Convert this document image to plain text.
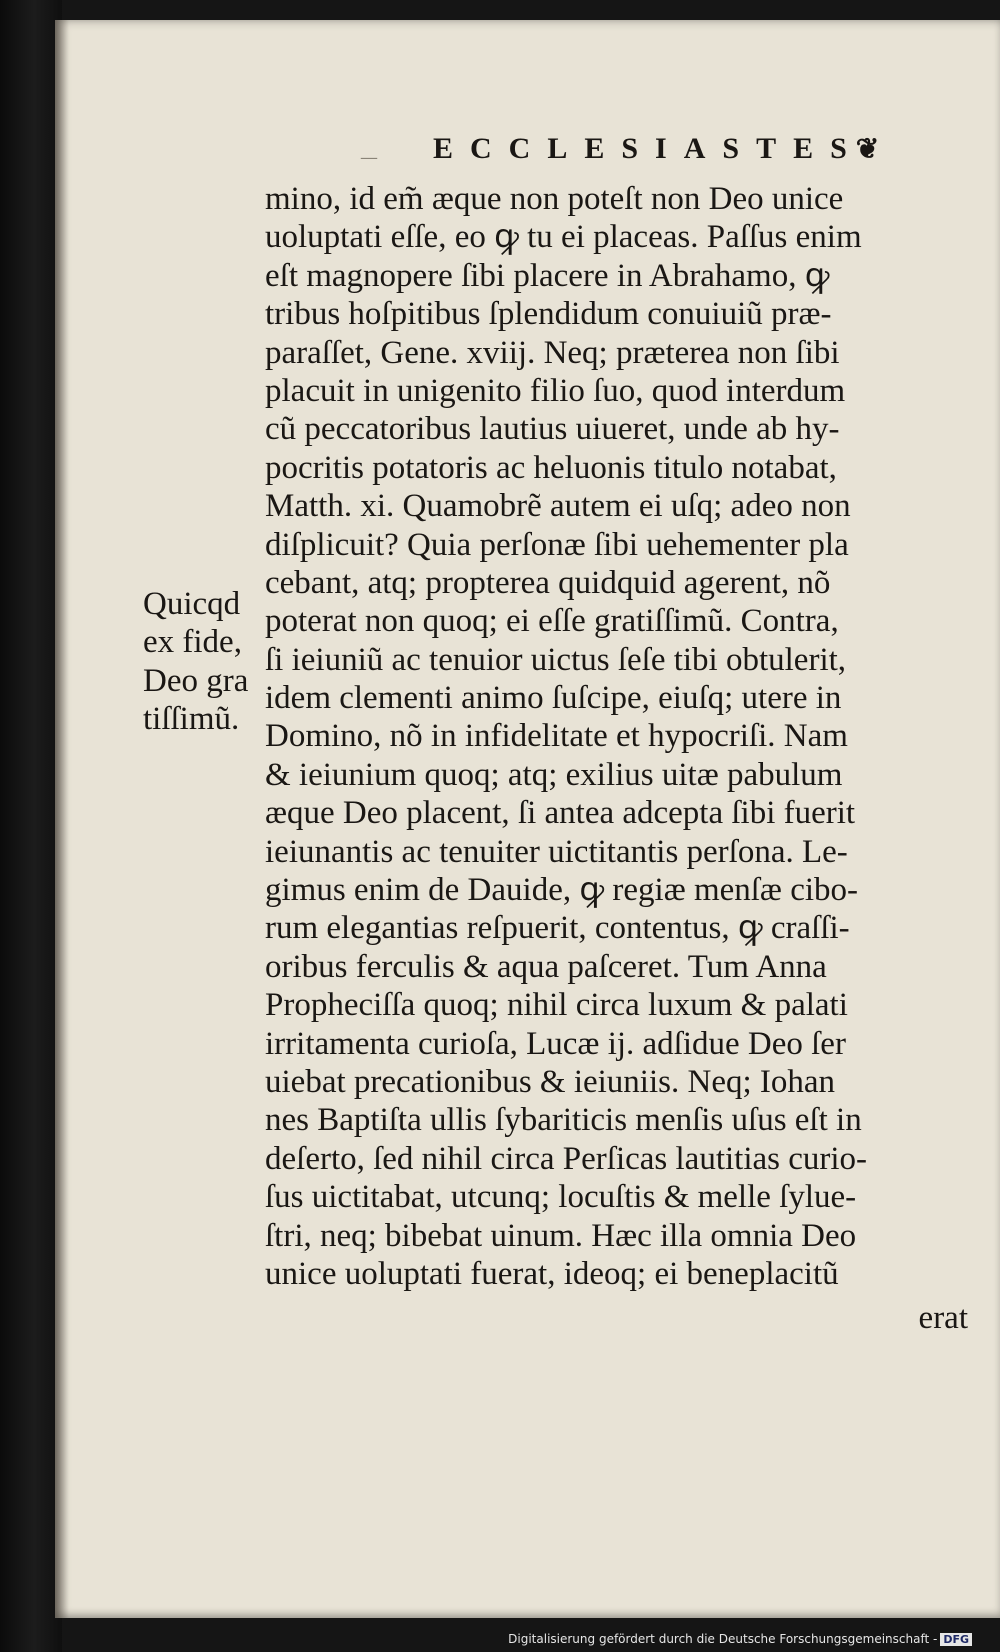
— ECCLESIASTES❦
mino, id em̃ æque non poteſt non Deo unice
uoluptati eſſe, eo ꝙ tu ei placeas. Paſſus enim
eſt magnopere ſibi placere in Abrahamo, ꝙ
tribus hoſpitibus ſplendidum conuiuiũ præ-
paraſſet, Gene. xviij. Neq; præterea non ſibi
placuit in unigenito filio ſuo, quod interdum
cũ peccatoribus lautius uiueret, unde ab hy-
pocritis potatoris ac heluonis titulo notabat,
Matth. xi. Quamobrẽ autem ei uſq; adeo non
diſplicuit? Quia perſonæ ſibi uehementer pla
cebant, atq; propterea quidquid agerent, nõ
poterat non quoq; ei eſſe gratiſſimũ. Contra,
ſi ieiuniũ ac tenuior uictus ſeſe tibi obtulerit,
idem clementi animo ſuſcipe, eiuſq; utere in
Domino, nõ in infidelitate et hypocriſi. Nam
& ieiunium quoq; atq; exilius uitæ pabulum
æque Deo placent, ſi antea adcepta ſibi fuerit
ieiunantis ac tenuiter uictitantis perſona. Le-
gimus enim de Dauide, ꝙ regiæ menſæ cibo-
rum elegantias reſpuerit, contentus, ꝙ craſſi-
oribus ferculis & aqua paſceret. Tum Anna
Propheciſſa quoq; nihil circa luxum & palati
irritamenta curioſa, Lucæ ij. adſidue Deo ſer
uiebat precationibus & ieiuniis. Neq; Iohan
nes Baptiſta ullis ſybariticis menſis uſus eſt in
deſerto, ſed nihil circa Perſicas lautitias curio-
ſus uictitabat, utcunq; locuſtis & melle ſylue-
ſtri, neq; bibebat uinum. Hæc illa omnia Deo
unice uoluptati fuerat, ideoq; ei beneplacitũ
erat
Quicqd
ex fide,
Deo gra
tiſſimũ.
Digitalisierung gefördert durch die Deutsche Forschungsgemeinschaft - DFG
